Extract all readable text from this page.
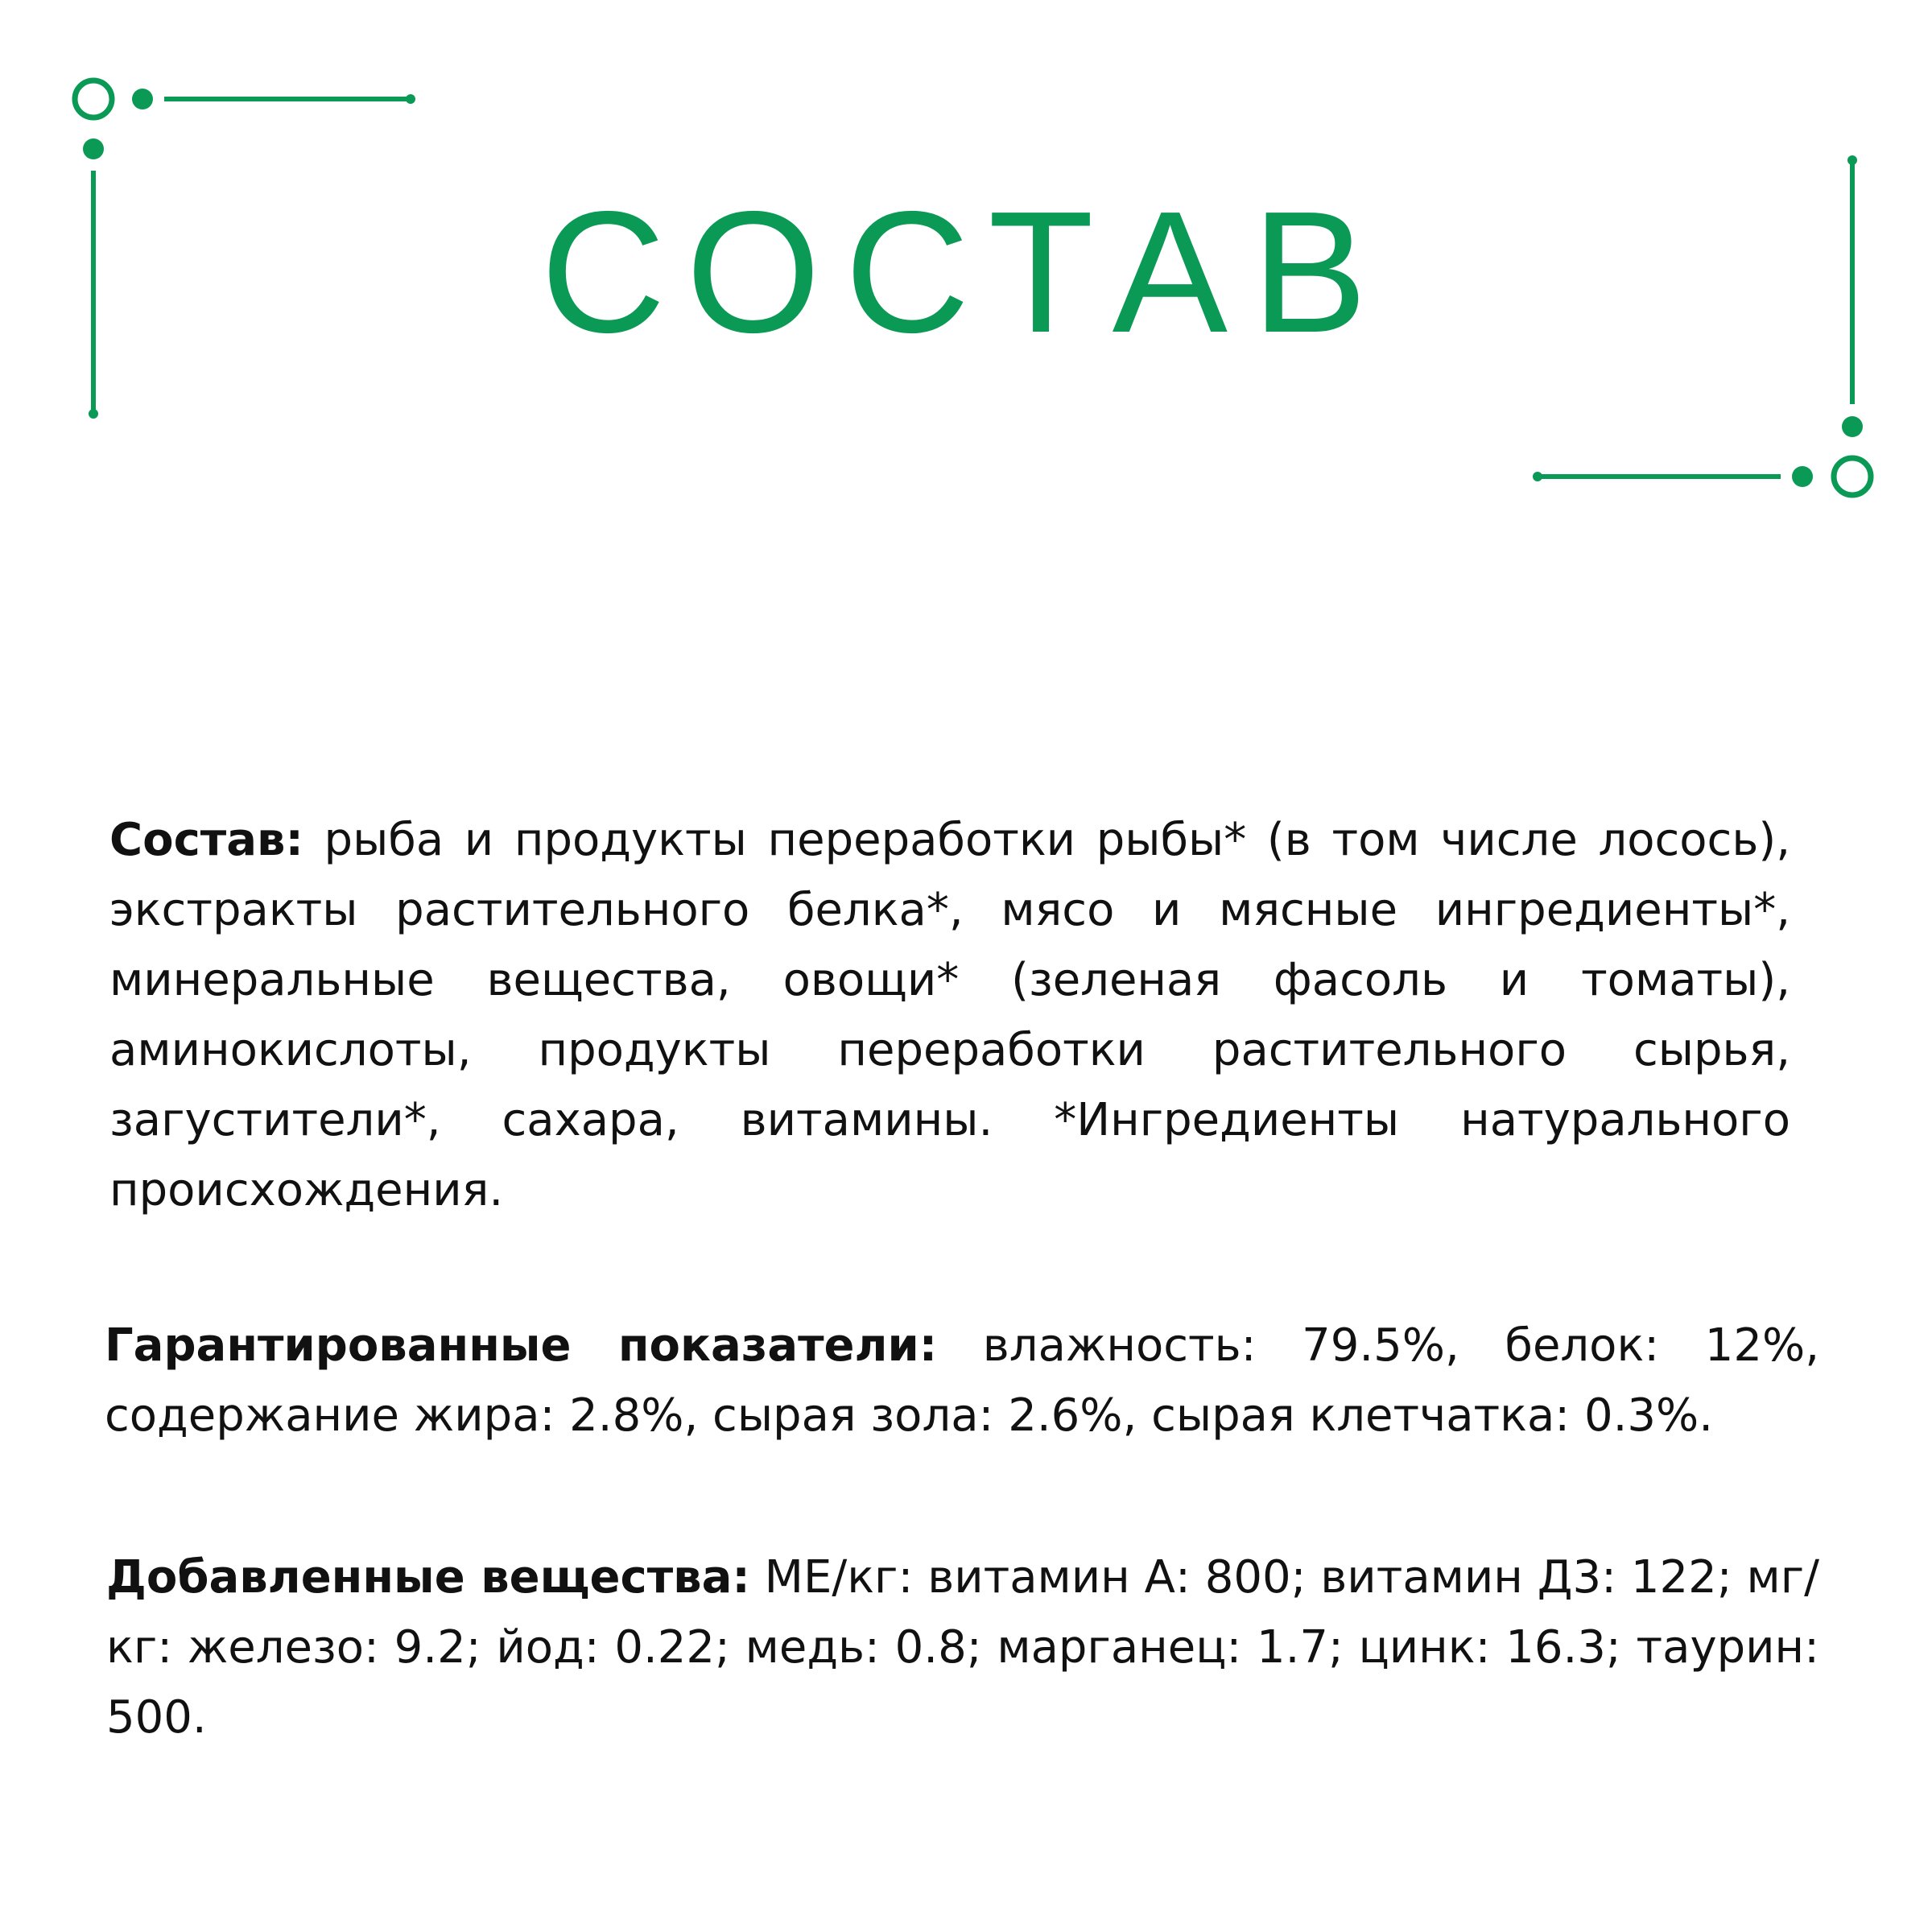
СОСТАВ

Состав: рыба и продукты переработки рыбы* (в том числе лосось), экстракты растительного белка*, мясо и мясные ингредиенты*, минеральные вещества, овощи* (зеленая фасоль и томаты), аминокислоты, продукты переработки растительного сырья, загустители*, сахара, витамины. *Ингредиенты натурального происхождения.

Гарантированные показатели: влажность: 79.5%, белок: 12%, содержание жира: 2.8%, сырая зола: 2.6%, сырая клетчатка: 0.3%.

Добавленные вещества: МЕ/кг: витамин А: 800; витамин Д3: 122; мг/кг: железо: 9.2; йод: 0.22; медь: 0.8; марганец: 1.7; цинк: 16.3; таурин: 500.
